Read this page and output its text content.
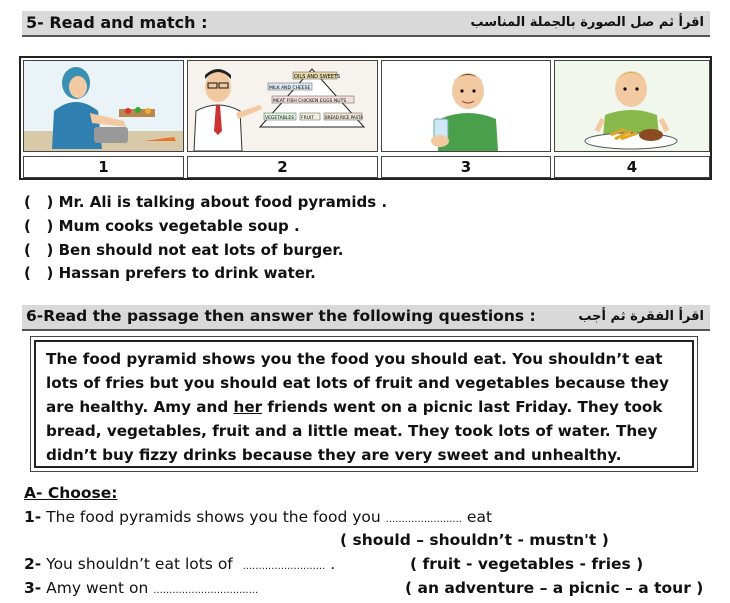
5- Read and match :	اقرأ ثم صل الصورة بالجملة المناسب
OILS AND SWEETS
MILK AND CHEESE
MEAT FISH CHICKEN EGGS NUTS
VEGETABLES FRUIT	BREAD RICE PASTA
1	2	3	4
( ) Mr. Ali is talking about food pyramids .
( ) Mum cooks vegetable soup .
( ) Ben should not eat lots of burger.
( ) Hassan prefers to drink water.
6-Read the passage then answer the following questions :	اقرأ الفقرة ثم أجب
The food pyramid shows you the food you should eat. You shouldn’t eat
lots of fries but you should eat lots of fruit and vegetables because they
are healthy. Amy and her friends went on a picnic last Friday. They took
bread, vegetables, fruit and a little meat. They took lots of water. They
didn’t buy fizzy drinks because they are very sweet and unhealthy.
A- Choose:
1- The food pyramids shows you the food you ........................ eat
( should – shouldn’t - mustn't )
2- You shouldn’t eat lots of .......................... .	( fruit - vegetables - fries )
3- Amy went on .................................	( an adventure – a picnic – a tour )
